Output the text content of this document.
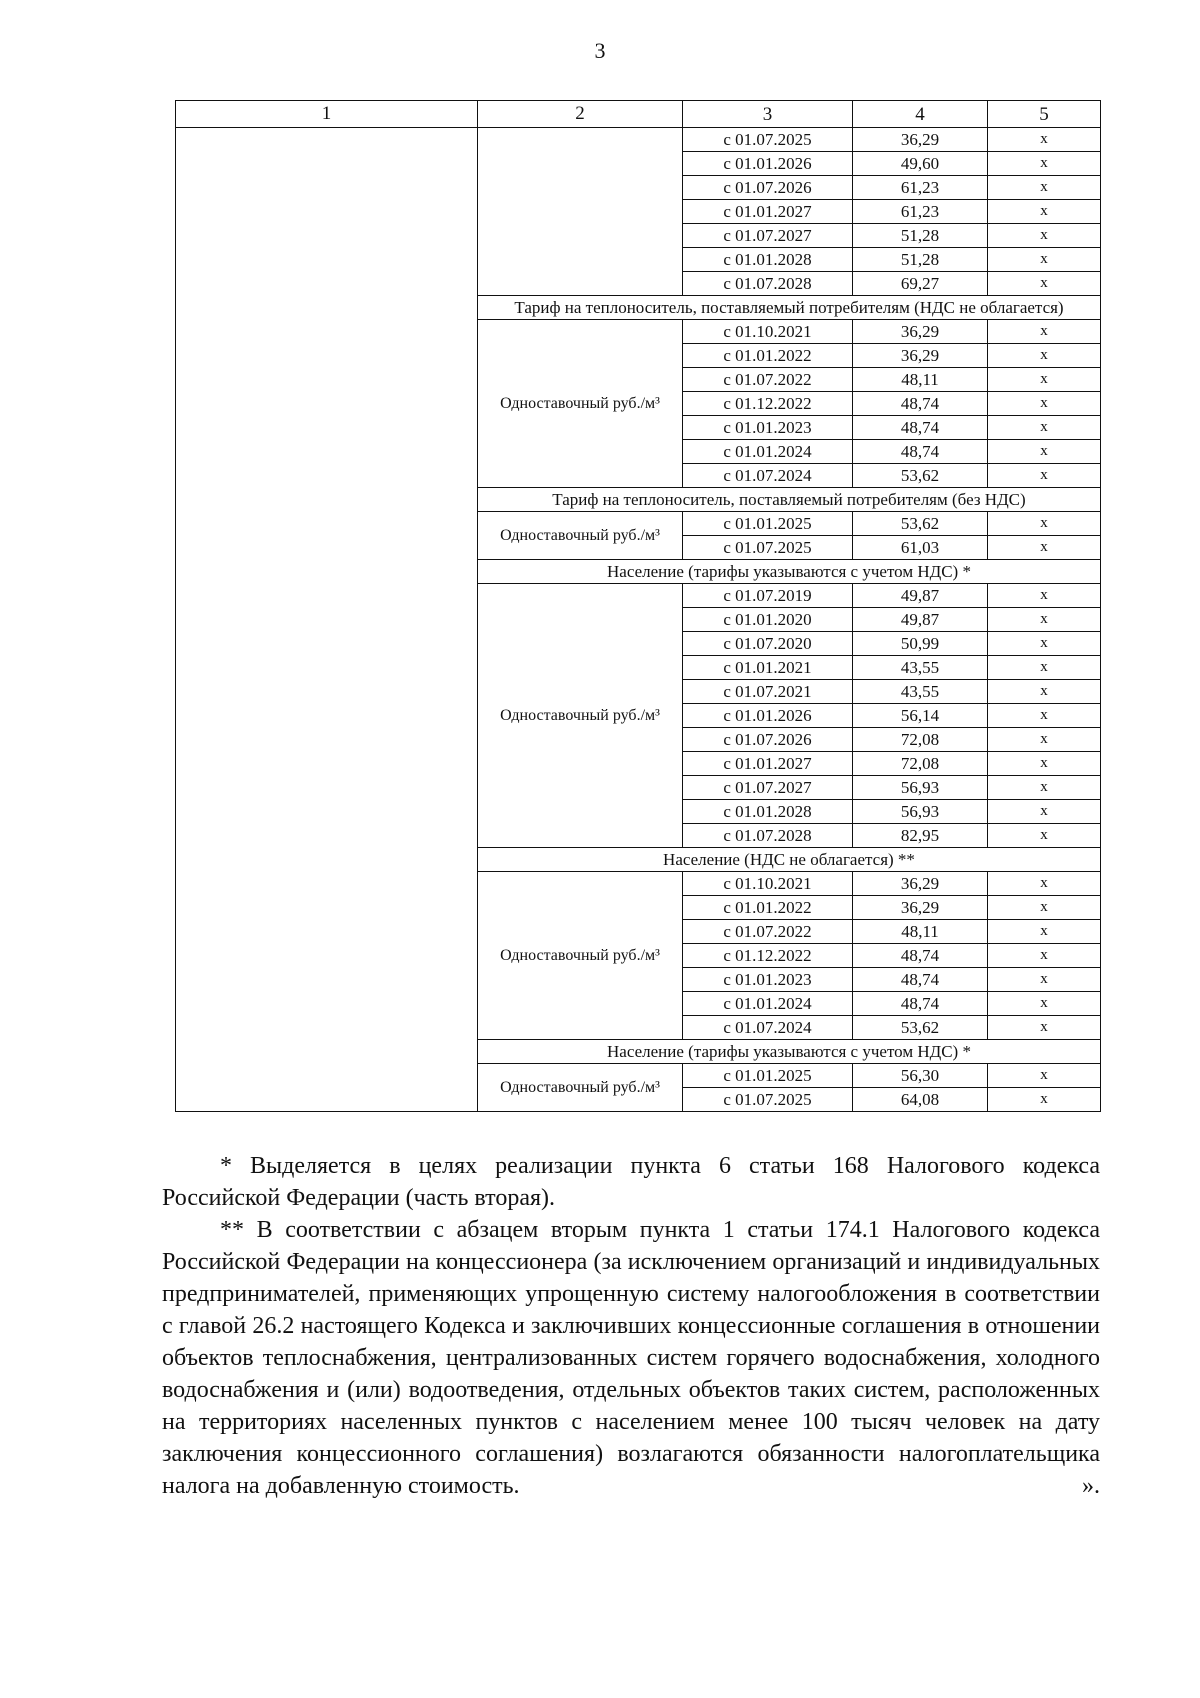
3
1	2	3	4	5
		с 01.07.2025	36,29	x
		с 01.01.2026	49,60	x
		с 01.07.2026	61,23	x
		с 01.01.2027	61,23	x
		с 01.07.2027	51,28	x
		с 01.01.2028	51,28	x
		с 01.07.2028	69,27	x
	Тариф на теплоноситель, поставляемый потребителям (НДС не облагается)			
	Одноставочный руб./м³	с 01.10.2021	36,29	x
		с 01.01.2022	36,29	x
		с 01.07.2022	48,11	x
		с 01.12.2022	48,74	x
		с 01.01.2023	48,74	x
		с 01.01.2024	48,74	x
		с 01.07.2024	53,62	x
	Тариф на теплоноситель, поставляемый потребителям (без НДС)			
	Одноставочный руб./м³	с 01.01.2025	53,62	x
		с 01.07.2025	61,03	x
	Население (тарифы указываются с учетом НДС) *			
	Одноставочный руб./м³	с 01.07.2019	49,87	x
		с 01.01.2020	49,87	x
		с 01.07.2020	50,99	x
		с 01.01.2021	43,55	x
		с 01.07.2021	43,55	x
		с 01.01.2026	56,14	x
		с 01.07.2026	72,08	x
		с 01.01.2027	72,08	x
		с 01.07.2027	56,93	x
		с 01.01.2028	56,93	x
		с 01.07.2028	82,95	x
	Население (НДС не облагается) **			
	Одноставочный руб./м³	с 01.10.2021	36,29	x
		с 01.01.2022	36,29	x
		с 01.07.2022	48,11	x
		с 01.12.2022	48,74	x
		с 01.01.2023	48,74	x
		с 01.01.2024	48,74	x
		с 01.07.2024	53,62	x
	Население (тарифы указываются с учетом НДС) *			
	Одноставочный руб./м³	с 01.01.2025	56,30	x
		с 01.07.2025	64,08	x

* Выделяется в целях реализации пункта 6 статьи 168 Налогового кодекса Российской Федерации (часть вторая).

** В соответствии с абзацем вторым пункта 1 статьи 174.1 Налогового кодекса Российской Федерации на концессионера (за исключением организаций и индивидуальных предпринимателей, применяющих упрощенную систему налогообложения в соответствии с главой 26.2 настоящего Кодекса и заключивших концессионные соглашения в отношении объектов теплоснабжения, централизованных систем горячего водоснабжения, холодного водоснабжения и (или) водоотведения, отдельных объектов таких систем, расположенных на территориях населенных пунктов с населением менее 100 тысяч человек на дату заключения концессионного соглашения) возлагаются обязанности налогоплательщика налога на добавленную стоимость.	».
